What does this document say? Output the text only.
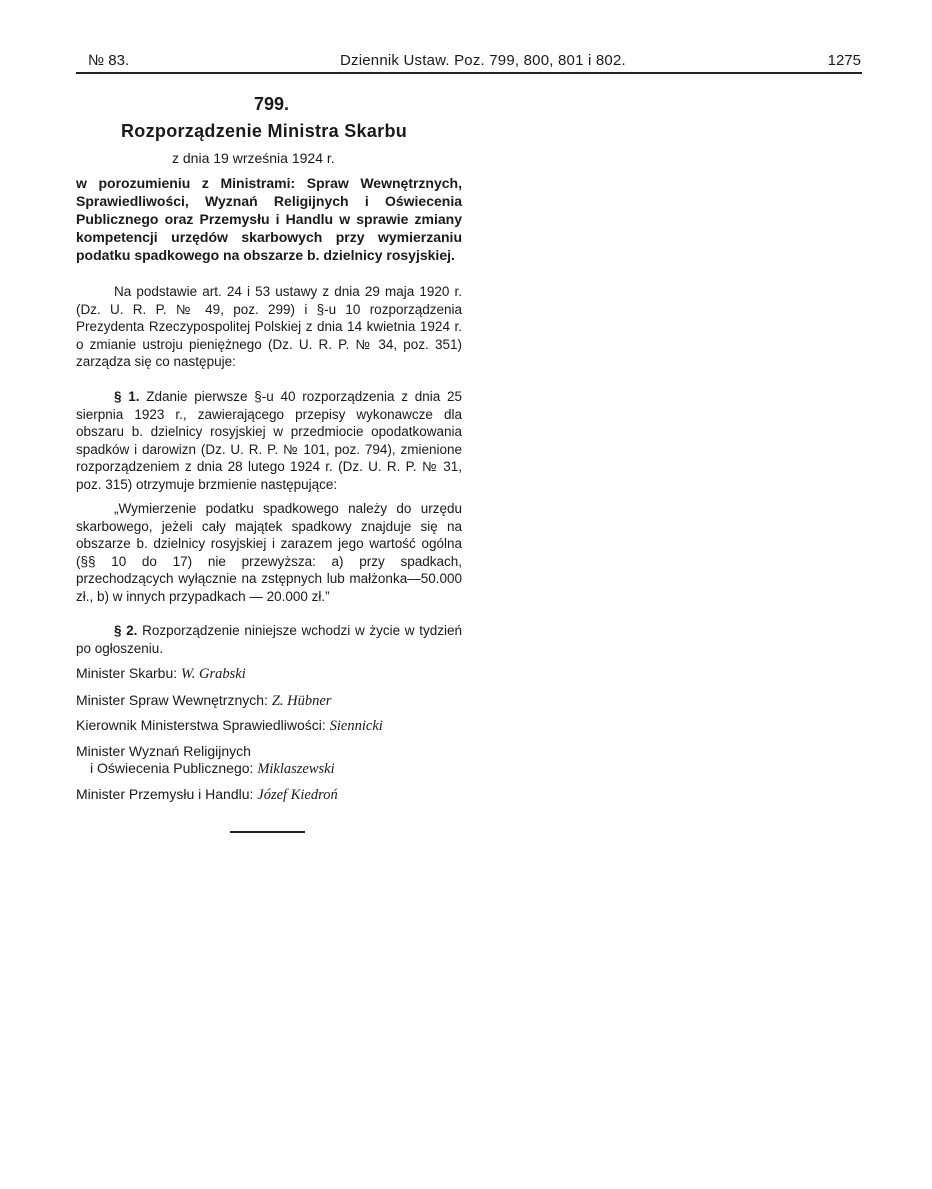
№ 83.	Dziennik Ustaw. Poz. 799, 800, 801 i 802.	1275
799.
Rozporządzenie Ministra Skarbu
z dnia 19 września 1924 r.
w porozumieniu z Ministrami: Spraw Wewnętrznych, Sprawiedliwości, Wyznań Religijnych i Oświecenia Publicznego oraz Przemysłu i Handlu w sprawie zmiany kompetencji urzędów skarbowych przy wymierzaniu podatku spadkowego na obszarze b. dzielnicy rosyjskiej.
Na podstawie art. 24 i 53 ustawy z dnia 29 maja 1920 r. (Dz. U. R. P. № 49, poz. 299) i §-u 10 rozporządzenia Prezydenta Rzeczypospolitej Polskiej z dnia 14 kwietnia 1924 r. o zmianie ustroju pieniężnego (Dz. U. R. P. № 34, poz. 351) zarządza się co następuje:
§ 1. Zdanie pierwsze §-u 40 rozporządzenia z dnia 25 sierpnia 1923 r., zawierającego przepisy wykonawcze dla obszaru b. dzielnicy rosyjskiej w przedmiocie opodatkowania spadków i darowizn (Dz. U. R. P. № 101, poz. 794), zmienione rozporządzeniem z dnia 28 lutego 1924 r. (Dz. U. R. P. № 31, poz. 315) otrzymuje brzmienie następujące:
„Wymierzenie podatku spadkowego należy do urzędu skarbowego, jeżeli cały majątek spadkowy znajduje się na obszarze b. dzielnicy rosyjskiej i zarazem jego wartość ogólna (§§ 10 do 17) nie przewyższa: a) przy spadkach, przechodzących wyłącznie na zstępnych lub małżonka—50.000 zł., b) w innych przypadkach — 20.000 zł.”
§ 2. Rozporządzenie niniejsze wchodzi w życie w tydzień po ogłoszeniu.
Minister Skarbu: W. Grabski
Minister Spraw Wewnętrznych: Z. Hübner
Kierownik Ministerstwa Sprawiedliwości: Siennicki
Minister Wyznań Religijnych
i Oświecenia Publicznego: Miklaszewski
Minister Przemysłu i Handlu: Józef Kiedroń
